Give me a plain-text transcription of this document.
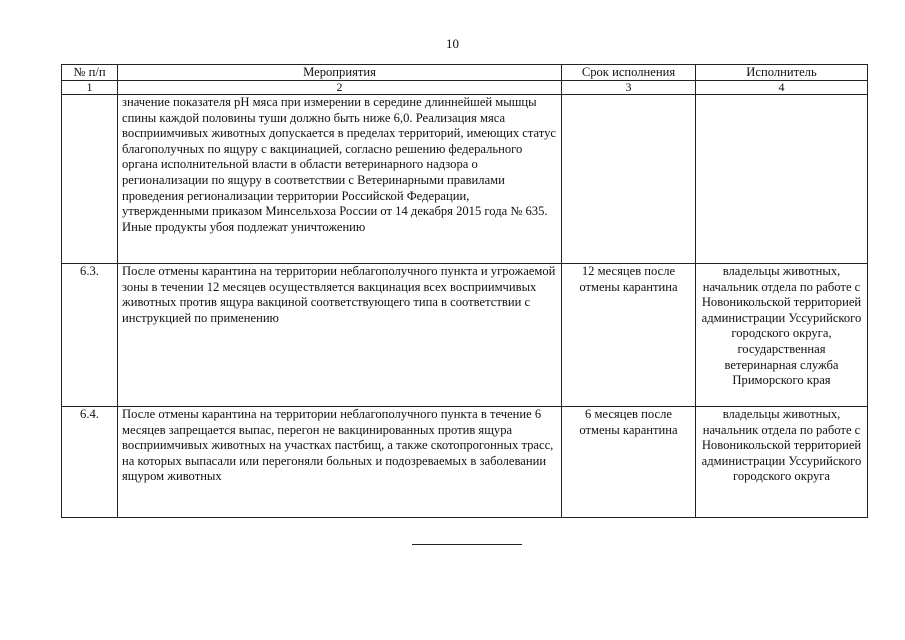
10
№ п/п	Мероприятия	Срок исполнения	Исполнитель
1	2	3	4
	значение показателя pH мяса при измерении в середине длиннейшей мышцы спины каждой половины туши должно быть ниже 6,0. Реализация мяса восприимчивых животных допускается в пределах территорий, имеющих статус благополучных по ящуру с вакцинацией, согласно решению федерального органа исполнительной власти в области ветеринарного надзора о регионализации по ящуру в соответствии с Ветеринарными правилами проведения регионализации территории Российской Федерации, утвержденными приказом Минсельхоза России от 14 декабря 2015 года № 635. Иные продукты убоя подлежат уничтожению		
6.3.	После отмены карантина на территории неблагополучного пункта и угрожаемой зоны в течении 12 месяцев осуществляется вакцинация всех восприимчивых животных против ящура вакциной соответствующего типа в соответствии с инструкцией по применению	12 месяцев после отмены карантина	владельцы животных, начальник отдела по работе с Новоникольской территорией администрации Уссурийского городского округа, государственная ветеринарная служба Приморского края
6.4.	После отмены карантина на территории неблагополучного пункта в течение 6 месяцев запрещается выпас, перегон не вакцинированных против ящура восприимчивых животных на участках пастбищ, а также скотопрогонных трасс, на которых выпасали или перегоняли больных и подозреваемых в заболевании ящуром животных	6 месяцев после отмены карантина	владельцы животных, начальник отдела по работе с Новоникольской территорией администрации Уссурийского городского округа
